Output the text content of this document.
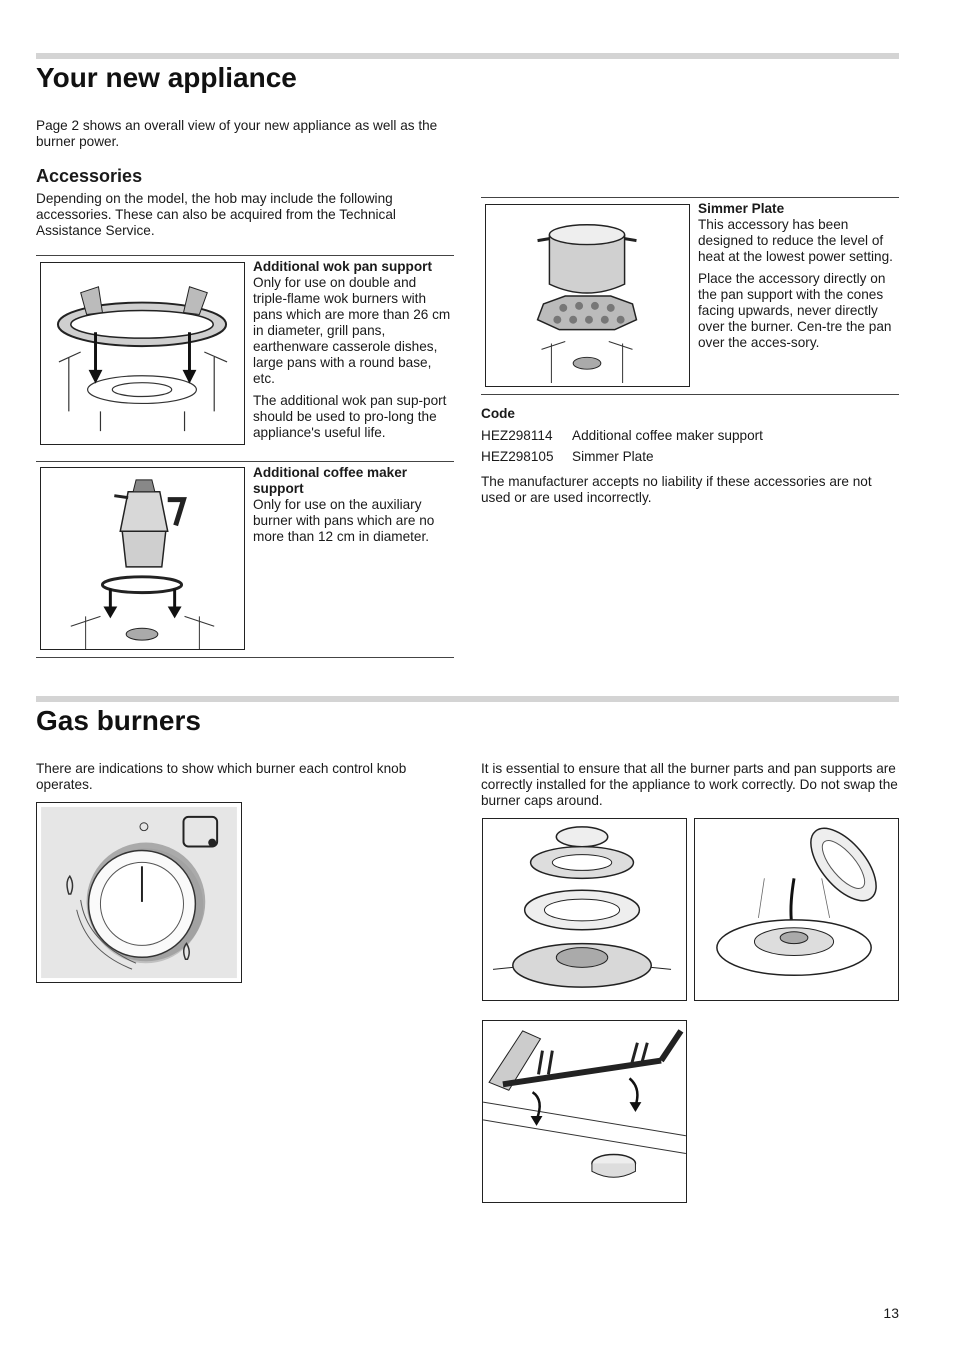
Your new appliance

Page 2 shows an overall view of your new appliance as well as the burner power.

Accessories

Depending on the model, the hob may include the following accessories. These can also be acquired from the Technical Assistance Service.

Additional wok pan support

Only for use on double and triple-flame wok burners with pans which are more than 26 cm in diameter, grill pans, earthenware casserole dishes, large pans with a round base, etc.

The additional wok pan sup-port should be used to pro-long the appliance's useful life.

Additional coffee maker support

Only for use on the auxiliary burner with pans which are no more than 12 cm in diameter.

Simmer Plate

This accessory has been designed to reduce the level of heat at the lowest power setting.

Place the accessory directly on the pan support with the cones facing upwards, never directly over the burner. Cen-tre the pan over the acces-sory.

Code

HEZ298114 Additional coffee maker support

HEZ298105 Simmer Plate

The manufacturer accepts no liability if these accessories are not used or are used incorrectly.

Gas burners

There are indications to show which burner each control knob operates.

It is essential to ensure that all the burner parts and pan supports are correctly installed for the appliance to work correctly. Do not swap the burner caps around.

13
